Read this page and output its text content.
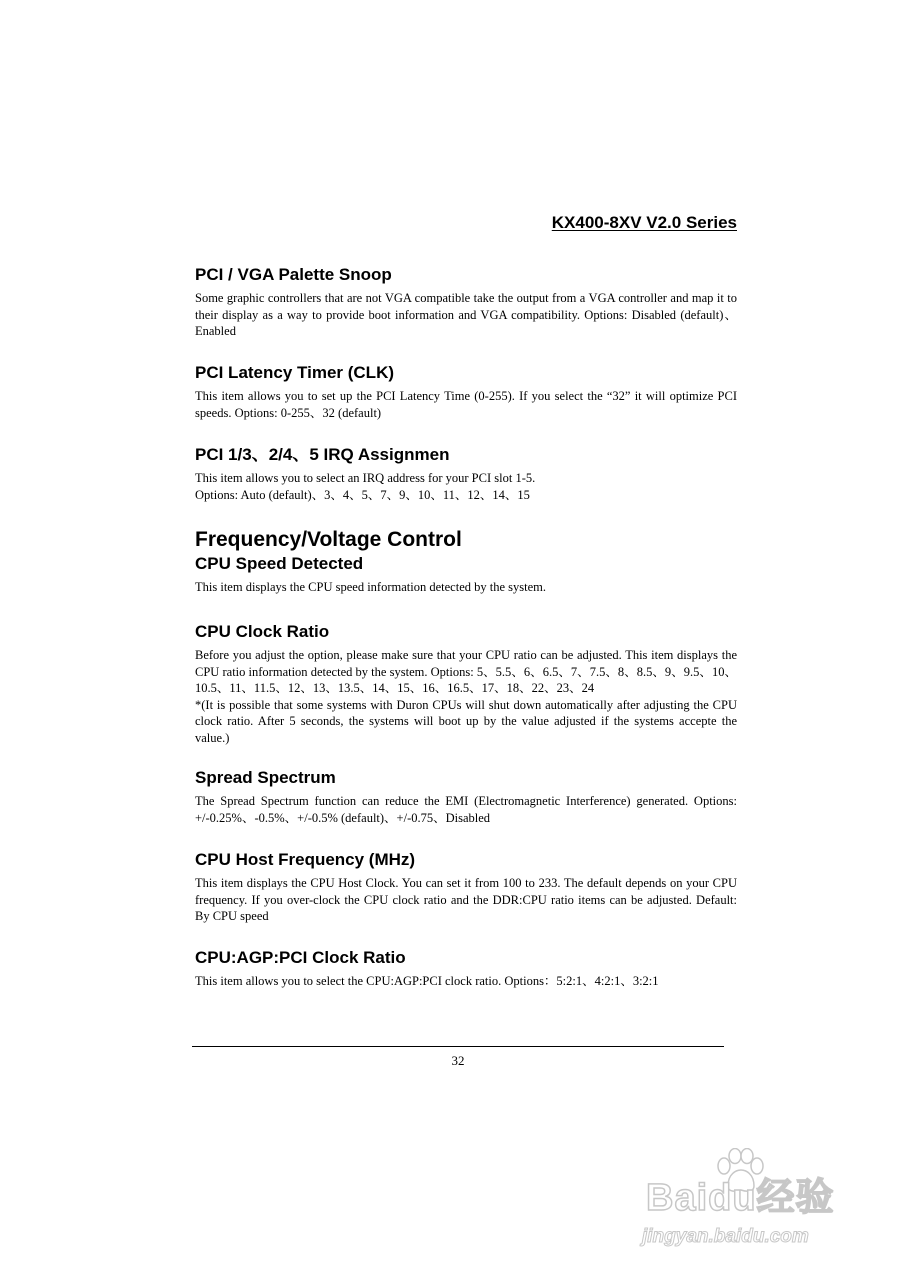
KX400-8XV V2.0 Series
PCI / VGA Palette Snoop

Some graphic controllers that are not VGA compatible take the output from a VGA controller and map it to their display as a way to provide boot information and VGA compatibility. Options: Disabled (default)、Enabled

PCI Latency Timer (CLK)

This item allows you to set up the PCI Latency Time (0-255). If you select the “32” it will optimize PCI speeds. Options: 0-255、32 (default)

PCI 1/3、2/4、5 IRQ Assignmen

This item allows you to select an IRQ address for your PCI slot 1-5.

Options: Auto (default)、3、4、5、7、9、10、11、12、14、15

Frequency/Voltage Control
CPU Speed Detected

This item displays the CPU speed information detected by the system.

CPU Clock Ratio

Before you adjust the option, please make sure that your CPU ratio can be adjusted. This item displays the CPU ratio information detected by the system. Options: 5、5.5、6、6.5、7、7.5、8、8.5、9、9.5、10、10.5、11、11.5、12、13、13.5、14、15、16、16.5、17、18、22、23、24

*(It is possible that some systems with Duron CPUs will shut down automatically after adjusting the CPU clock ratio. After 5 seconds, the systems will boot up by the value adjusted if the systems accepte the value.)

Spread Spectrum

The Spread Spectrum function can reduce the EMI (Electromagnetic Interference) generated. Options: +/-0.25%、-0.5%、+/-0.5% (default)、+/-0.75、Disabled

CPU Host Frequency (MHz)

This item displays the CPU Host Clock. You can set it from 100 to 233. The default depends on your CPU frequency. If you over-clock the CPU clock ratio and the DDR:CPU ratio items can be adjusted. Default: By CPU speed

CPU:AGP:PCI Clock Ratio

This item allows you to select the CPU:AGP:PCI clock ratio. Options：5:2:1、4:2:1、3:2:1

32
Baidu经验
jingyan.baidu.com
